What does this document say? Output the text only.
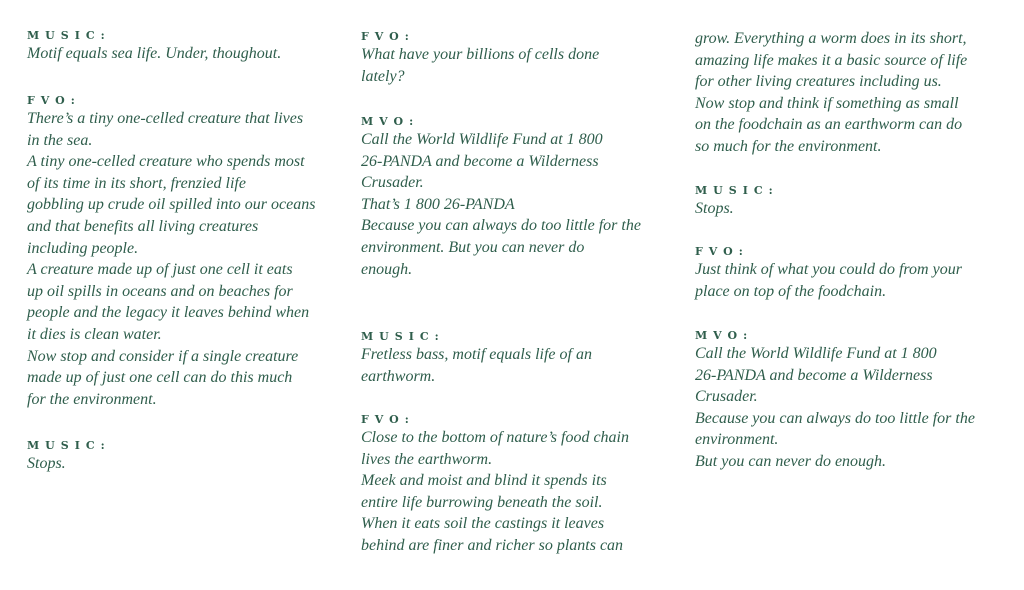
MUSIC:
Motif equals sea life. Under, thoughout.
FVO:
There’s a tiny one-celled creature that lives
in the sea.
A tiny one-celled creature who spends most
of its time in its short, frenzied life
gobbling up crude oil spilled into our oceans
and that benefits all living creatures
including people.
A creature made up of just one cell it eats
up oil spills in oceans and on beaches for
people and the legacy it leaves behind when
it dies is clean water.
Now stop and consider if a single creature
made up of just one cell can do this much
for the environment.
MUSIC:
Stops.
FVO:
What have your billions of cells done
lately?
MVO:
Call the World Wildlife Fund at 1 800
26-PANDA and become a Wilderness
Crusader.
That’s 1 800 26-PANDA
Because you can always do too little for the
environment. But you can never do
enough.
MUSIC:
Fretless bass, motif equals life of an
earthworm.
FVO:
Close to the bottom of nature’s food chain
lives the earthworm.
Meek and moist and blind it spends its
entire life burrowing beneath the soil.
When it eats soil the castings it leaves
behind are finer and richer so plants can
grow. Everything a worm does in its short,
amazing life makes it a basic source of life
for other living creatures including us.
Now stop and think if something as small
on the foodchain as an earthworm can do
so much for the environment.
MUSIC:
Stops.
FVO:
Just think of what you could do from your
place on top of the foodchain.
MVO:
Call the World Wildlife Fund at 1 800
26-PANDA and become a Wilderness
Crusader.
Because you can always do too little for the
environment.
But you can never do enough.
